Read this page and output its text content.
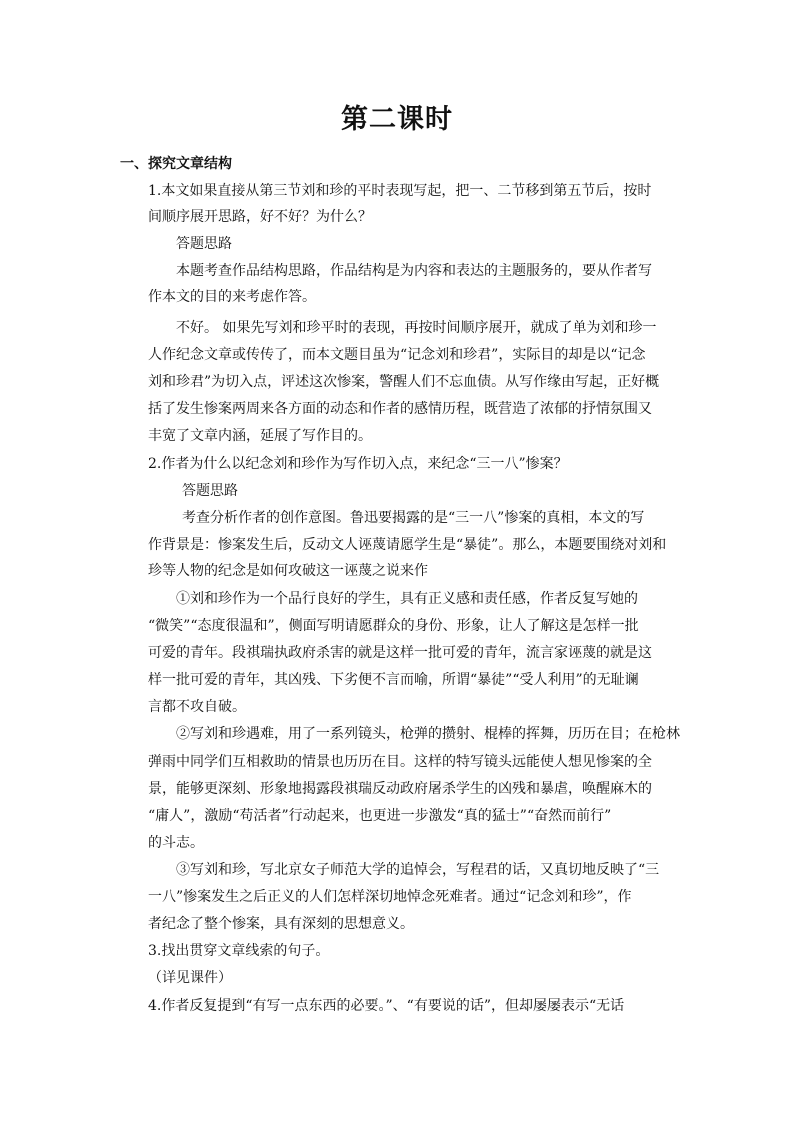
第二课时
一、探究文章结构
1.本文如果直接从第三节刘和珍的平时表现写起，把一、二节移到第五节后，按时
间顺序展开思路，好不好？为什么？
答题思路
本题考查作品结构思路，作品结构是为内容和表达的主题服务的，要从作者写
作本文的目的来考虑作答。
不好。 如果先写刘和珍平时的表现，再按时间顺序展开，就成了单为刘和珍一
人作纪念文章或传传了，而本文题目虽为“记念刘和珍君”，实际目的却是以“记念
刘和珍君”为切入点，评述这次惨案，警醒人们不忘血债。从写作缘由写起，正好概
括了发生惨案两周来各方面的动态和作者的感情历程，既营造了浓郁的抒情氛围又
丰宽了文章内涵，延展了写作目的。
2.作者为什么以纪念刘和珍作为写作切入点，来纪念“三一八”惨案？
答题思路
考查分析作者的创作意图。鲁迅要揭露的是“三一八”惨案的真相，本文的写
作背景是：惨案发生后，反动文人诬蔑请愿学生是“暴徒”。那么，本题要围绕对刘和
珍等人物的纪念是如何攻破这一诬蔑之说来作
①刘和珍作为一个品行良好的学生，具有正义感和责任感，作者反复写她的
“微笑”“态度很温和”，侧面写明请愿群众的身份、形象，让人了解这是怎样一批
可爱的青年。段祺瑞执政府杀害的就是这样一批可爱的青年，流言家诬蔑的就是这
样一批可爱的青年，其凶残、下劣便不言而喻，所谓“暴徒”“受人利用”的无耻谰
言都不攻自破。
②写刘和珍遇难，用了一系列镜头，枪弹的攒射、棍棒的挥舞，历历在目；在枪林
弹雨中同学们互相救助的情景也历历在目。这样的特写镜头远能使人想见惨案的全
景，能够更深刻、形象地揭露段祺瑞反动政府屠杀学生的凶残和暴虐，唤醒麻木的
“庸人”，激励“苟活者”行动起来，也更进一步激发“真的猛士”“奋然而前行”
的斗志。
③写刘和珍，写北京女子师范大学的追悼会，写程君的话，又真切地反映了“三
一八”惨案发生之后正义的人们怎样深切地悼念死难者。通过“记念刘和珍”，作
者纪念了整个惨案，具有深刻的思想意义。
3.找出贯穿文章线索的句子。
（详见课件）
4.作者反复提到“有写一点东西的必要。”、“有要说的话”，但却屡屡表示“无话
